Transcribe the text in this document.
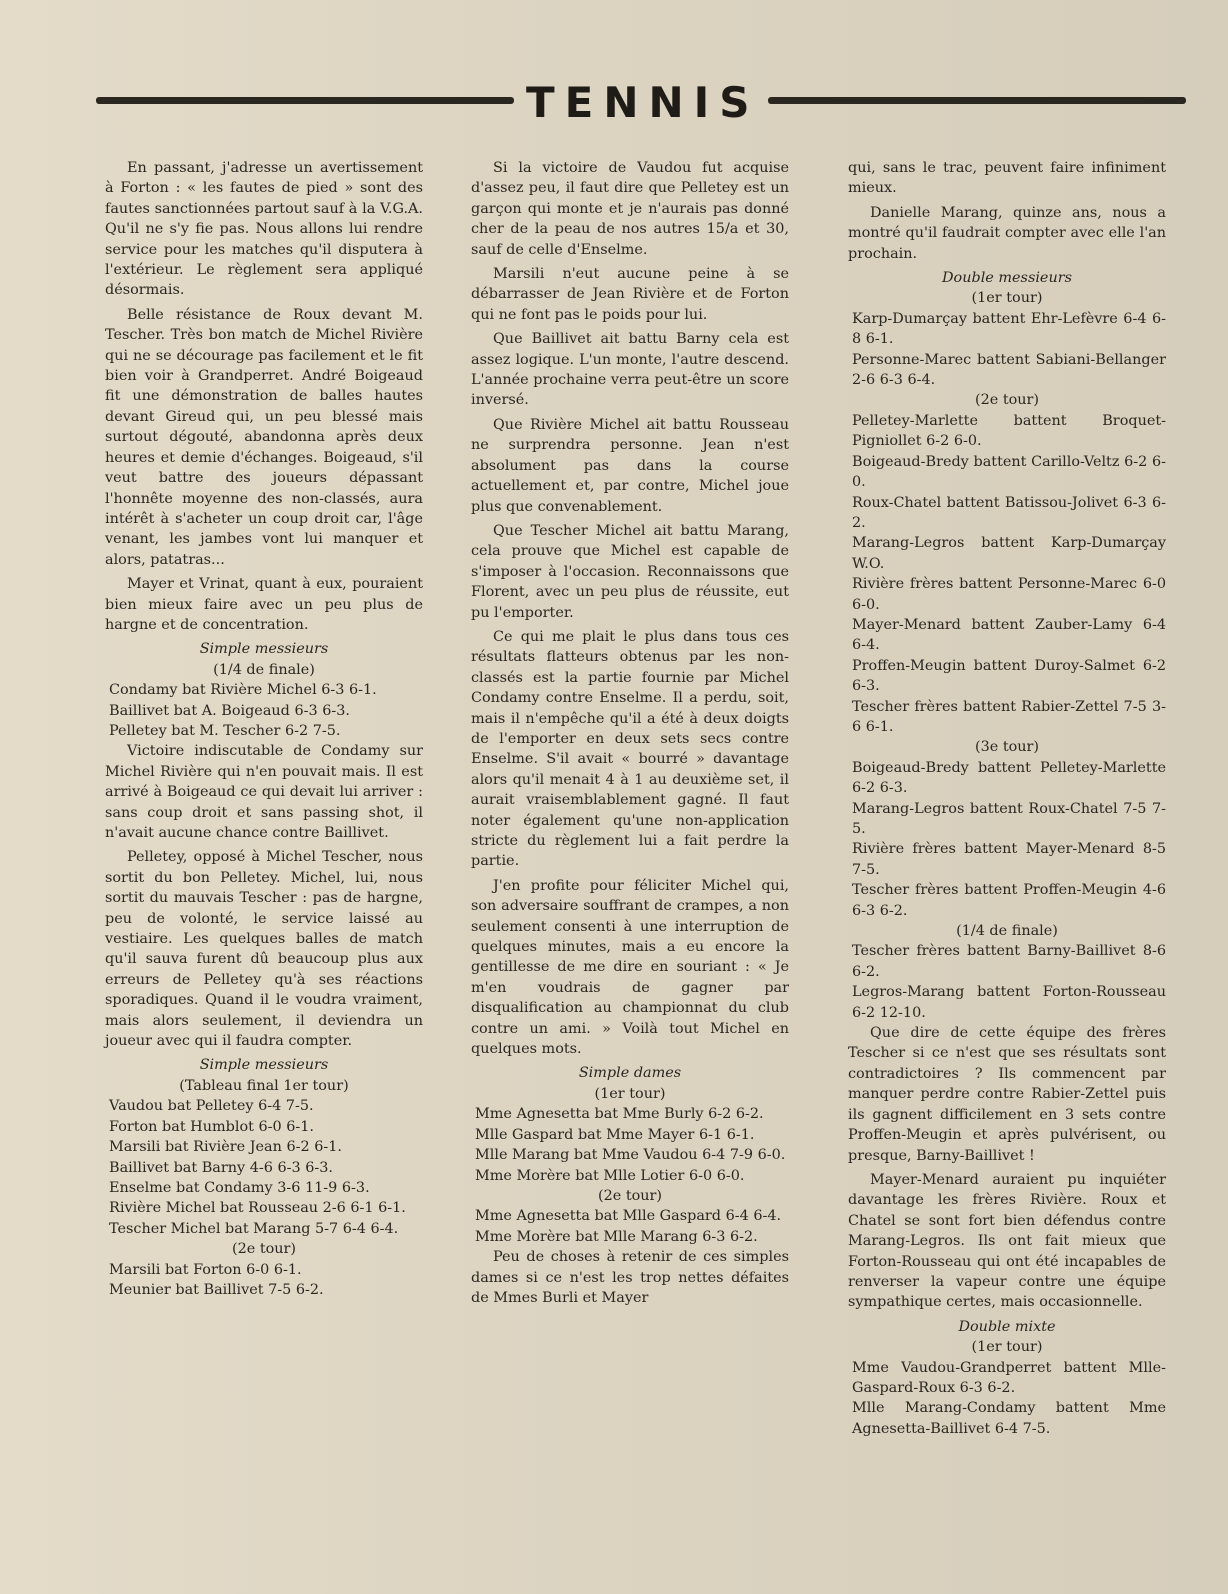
TENNIS

En passant, j'adresse un avertissement à Forton : « les fautes de pied » sont des fautes sanctionnées partout sauf à la V.G.A. Qu'il ne s'y fie pas. Nous allons lui rendre service pour les matches qu'il disputera à l'extérieur. Le règlement sera appliqué désormais.

Belle résistance de Roux devant M. Tescher. Très bon match de Michel Rivière qui ne se décourage pas facilement et le fit bien voir à Grandperret. André Boigeaud fit une démonstration de balles hautes devant Gireud qui, un peu blessé mais surtout dégouté, abandonna après deux heures et demie d'échanges. Boigeaud, s'il veut battre des joueurs dépassant l'honnête moyenne des non-classés, aura intérêt à s'acheter un coup droit car, l'âge venant, les jambes vont lui manquer et alors, patatras...

Mayer et Vrinat, quant à eux, pouraient bien mieux faire avec un peu plus de hargne et de concentration.

Simple messieurs

(1/4 de finale)

Condamy bat Rivière Michel 6-3 6-1.

Baillivet bat A. Boigeaud 6-3 6-3.

Pelletey bat M. Tescher 6-2 7-5.

Victoire indiscutable de Condamy sur Michel Rivière qui n'en pouvait mais. Il est arrivé à Boigeaud ce qui devait lui arriver : sans coup droit et sans passing shot, il n'avait aucune chance contre Baillivet.

Pelletey, opposé à Michel Tescher, nous sortit du bon Pelletey. Michel, lui, nous sortit du mauvais Tescher : pas de hargne, peu de volonté, le service laissé au vestiaire. Les quelques balles de match qu'il sauva furent dû beaucoup plus aux erreurs de Pelletey qu'à ses réactions sporadiques. Quand il le voudra vraiment, mais alors seulement, il deviendra un joueur avec qui il faudra compter.

Simple messieurs

(Tableau final 1er tour)

Vaudou bat Pelletey 6-4 7-5.

Forton bat Humblot 6-0 6-1.

Marsili bat Rivière Jean 6-2 6-1.

Baillivet bat Barny 4-6 6-3 6-3.

Enselme bat Condamy 3-6 11-9 6-3.

Rivière Michel bat Rousseau 2-6 6-1 6-1.

Tescher Michel bat Marang 5-7 6-4 6-4.

(2e tour)

Marsili bat Forton 6-0 6-1.

Meunier bat Baillivet 7-5 6-2.

Si la victoire de Vaudou fut acquise d'assez peu, il faut dire que Pelletey est un garçon qui monte et je n'aurais pas donné cher de la peau de nos autres 15/a et 30, sauf de celle d'Enselme.

Marsili n'eut aucune peine à se débarrasser de Jean Rivière et de Forton qui ne font pas le poids pour lui.

Que Baillivet ait battu Barny cela est assez logique. L'un monte, l'autre descend. L'année prochaine verra peut-être un score inversé.

Que Rivière Michel ait battu Rousseau ne surprendra personne. Jean n'est absolument pas dans la course actuellement et, par contre, Michel joue plus que convenablement.

Que Tescher Michel ait battu Marang, cela prouve que Michel est capable de s'imposer à l'occasion. Reconnaissons que Florent, avec un peu plus de réussite, eut pu l'emporter.

Ce qui me plait le plus dans tous ces résultats flatteurs obtenus par les non-classés est la partie fournie par Michel Condamy contre Enselme. Il a perdu, soit, mais il n'empêche qu'il a été à deux doigts de l'emporter en deux sets secs contre Enselme. S'il avait « bourré » davantage alors qu'il menait 4 à 1 au deuxième set, il aurait vraisemblablement gagné. Il faut noter également qu'une non-application stricte du règlement lui a fait perdre la partie.

J'en profite pour féliciter Michel qui, son adversaire souffrant de crampes, a non seulement consenti à une interruption de quelques minutes, mais a eu encore la gentillesse de me dire en souriant : « Je m'en voudrais de gagner par disqualification au championnat du club contre un ami. » Voilà tout Michel en quelques mots.

Simple dames

(1er tour)

Mme Agnesetta bat Mme Burly 6-2 6-2.

Mlle Gaspard bat Mme Mayer 6-1 6-1.

Mlle Marang bat Mme Vaudou 6-4 7-9 6-0.

Mme Morère bat Mlle Lotier 6-0 6-0.

(2e tour)

Mme Agnesetta bat Mlle Gaspard 6-4 6-4.

Mme Morère bat Mlle Marang 6-3 6-2.

Peu de choses à retenir de ces simples dames si ce n'est les trop nettes défaites de Mmes Burli et Mayer

qui, sans le trac, peuvent faire infiniment mieux.

Danielle Marang, quinze ans, nous a montré qu'il faudrait compter avec elle l'an prochain.

Double messieurs

(1er tour)

Karp-Dumarçay battent Ehr-Lefèvre 6-4 6-8 6-1.

Personne-Marec battent Sabiani-Bellanger 2-6 6-3 6-4.

(2e tour)

Pelletey-Marlette battent Broquet-Pigniollet 6-2 6-0.

Boigeaud-Bredy battent Carillo-Veltz 6-2 6-0.

Roux-Chatel battent Batissou-Jolivet 6-3 6-2.

Marang-Legros battent Karp-Dumarçay W.O.

Rivière frères battent Personne-Marec 6-0 6-0.

Mayer-Menard battent Zauber-Lamy 6-4 6-4.

Proffen-Meugin battent Duroy-Salmet 6-2 6-3.

Tescher frères battent Rabier-Zettel 7-5 3-6 6-1.

(3e tour)

Boigeaud-Bredy battent Pelletey-Marlette 6-2 6-3.

Marang-Legros battent Roux-Chatel 7-5 7-5.

Rivière frères battent Mayer-Menard 8-5 7-5.

Tescher frères battent Proffen-Meugin 4-6 6-3 6-2.

(1/4 de finale)

Tescher frères battent Barny-Baillivet 8-6 6-2.

Legros-Marang battent Forton-Rousseau 6-2 12-10.

Que dire de cette équipe des frères Tescher si ce n'est que ses résultats sont contradictoires ? Ils commencent par manquer perdre contre Rabier-Zettel puis ils gagnent difficilement en 3 sets contre Proffen-Meugin et après pulvérisent, ou presque, Barny-Baillivet !

Mayer-Menard auraient pu inquiéter davantage les frères Rivière. Roux et Chatel se sont fort bien défendus contre Marang-Legros. Ils ont fait mieux que Forton-Rousseau qui ont été incapables de renverser la vapeur contre une équipe sympathique certes, mais occasionnelle.

Double mixte

(1er tour)

Mme Vaudou-Grandperret battent Mlle-Gaspard-Roux 6-3 6-2.

Mlle Marang-Condamy battent Mme Agnesetta-Baillivet 6-4 7-5.
